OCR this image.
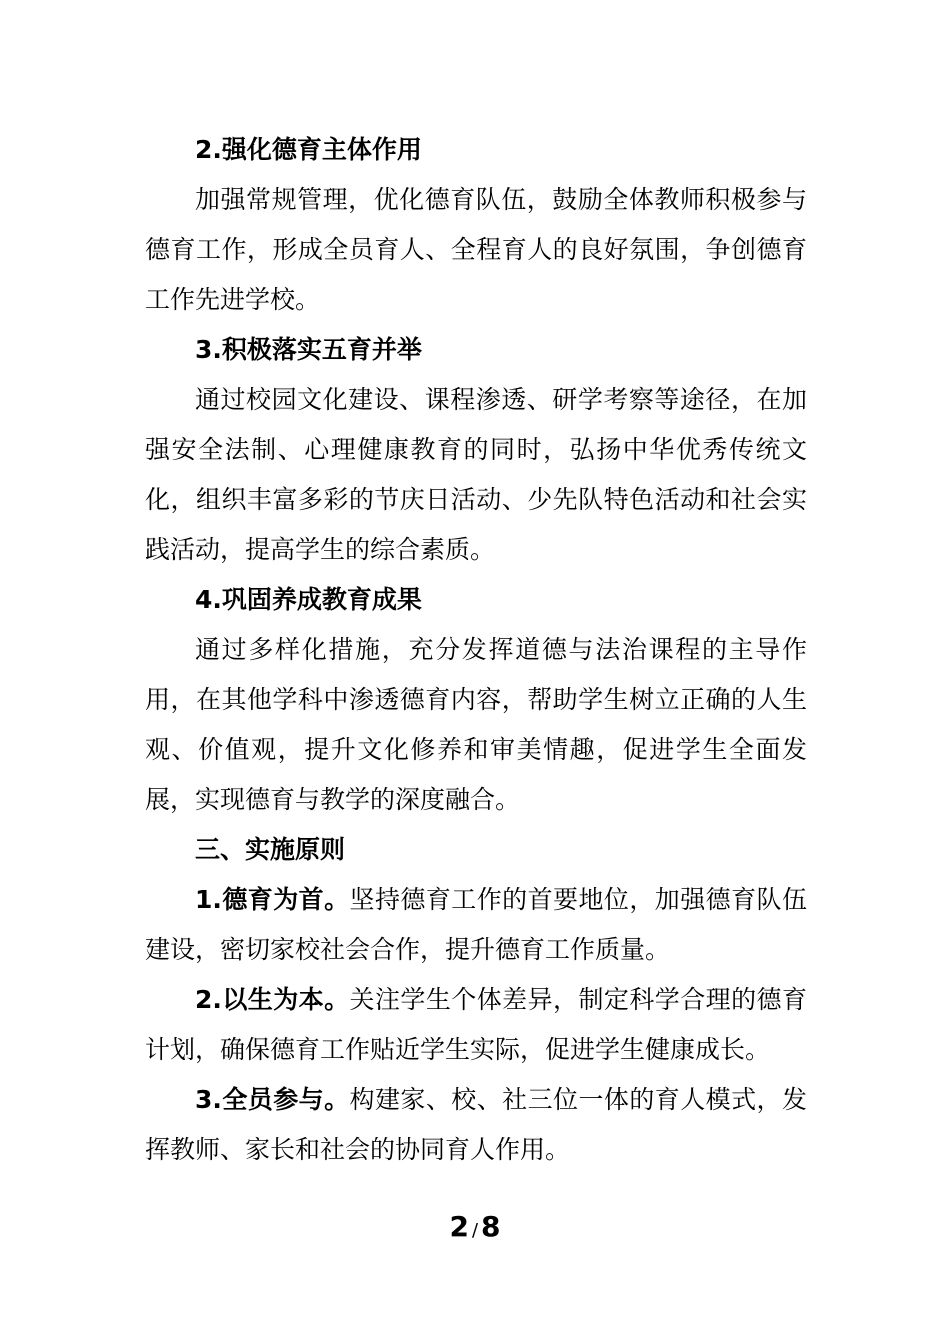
2.强化德育主体作用

加强常规管理，优化德育队伍，鼓励全体教师积极参与德育工作，形成全员育人、全程育人的良好氛围，争创德育工作先进学校。

3.积极落实五育并举

通过校园文化建设、课程渗透、研学考察等途径，在加强安全法制、心理健康教育的同时，弘扬中华优秀传统文化，组织丰富多彩的节庆日活动、少先队特色活动和社会实践活动，提高学生的综合素质。

4.巩固养成教育成果

通过多样化措施，充分发挥道德与法治课程的主导作用，在其他学科中渗透德育内容，帮助学生树立正确的人生观、价值观，提升文化修养和审美情趣，促进学生全面发展，实现德育与教学的深度融合。

三、实施原则

1.德育为首。坚持德育工作的首要地位，加强德育队伍建设，密切家校社会合作，提升德育工作质量。

2.以生为本。关注学生个体差异，制定科学合理的德育计划，确保德育工作贴近学生实际，促进学生健康成长。

3.全员参与。构建家、校、社三位一体的育人模式，发挥教师、家长和社会的协同育人作用。

2 / 8
